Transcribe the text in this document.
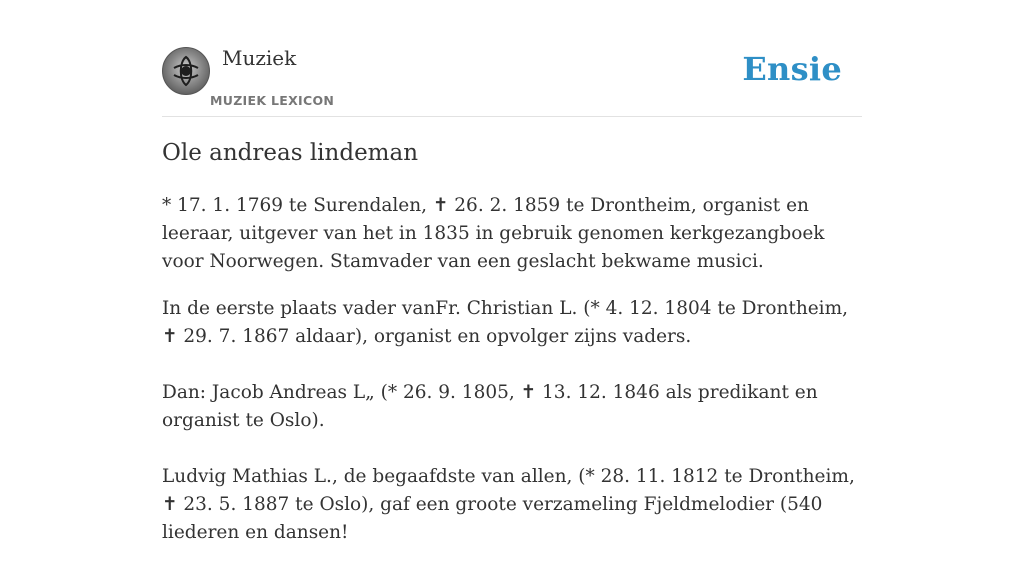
Muziek
MUZIEK LEXICON
Ensie
Ole andreas lindeman

* 17. 1. 1769 te Surendalen, ✝ 26. 2. 1859 te Drontheim, organist en leeraar, uitgever van het in 1835 in gebruik genomen kerkgezangboek voor Noorwegen. Stamvader van een geslacht bekwame musici.

In de eerste plaats vader vanFr. Christian L. (* 4. 12. 1804 te Drontheim, ✝ 29. 7. 1867 aldaar), organist en opvolger zijns vaders.

Dan: Jacob Andreas L„ (* 26. 9. 1805, ✝ 13. 12. 1846 als predikant en organist te Oslo).

Ludvig Mathias L., de begaafdste van allen, (* 28. 11. 1812 te Drontheim, ✝ 23. 5. 1887 te Oslo), gaf een groote verzameling Fjeldmelodier (540 liederen en dansen!
